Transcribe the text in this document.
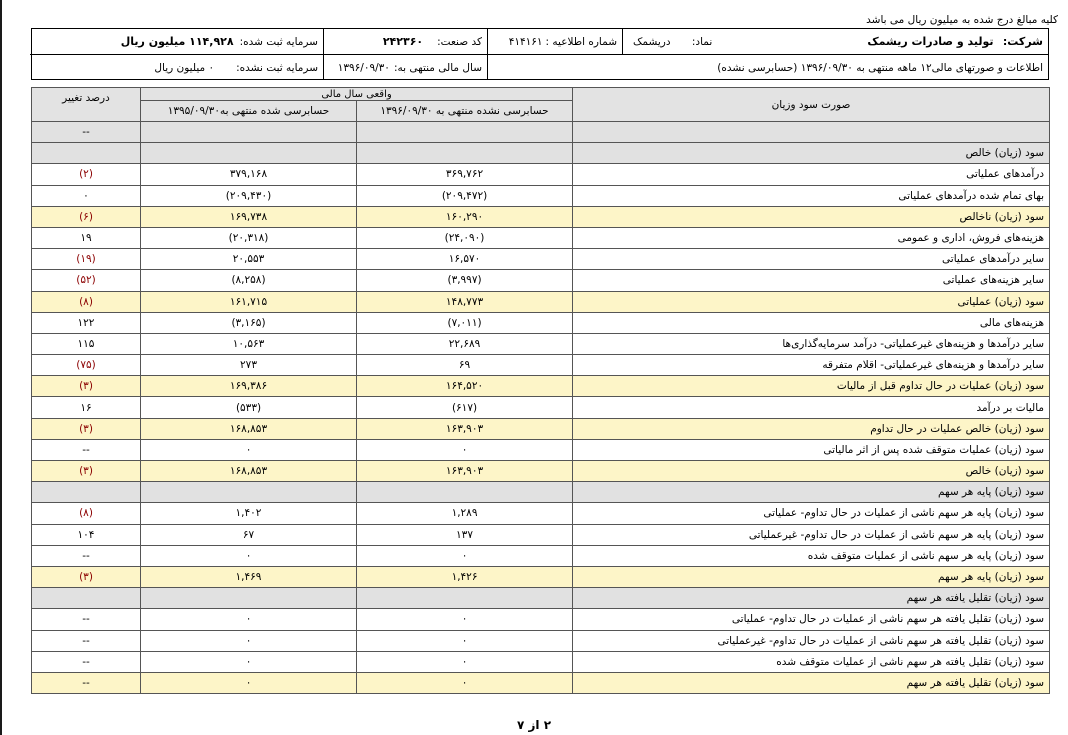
کلیه مبالغ درج شده به میلیون ریال می باشد
شرکت: تولید و صادرات ریشمک
نماد: دریشمک
شماره اطلاعیه :
۴۱۴۱۶۱
کد صنعت:
۲۴۲۳۶۰
سرمایه ثبت شده:
۱۱۴,۹۲۸ میلیون ریال
اطلاعات و صورتهای مالی۱۲ ماهه منتهی به ۱۳۹۶/۰۹/۳۰ (حسابرسی نشده)
سال مالی منتهی به:
۱۳۹۶/۰۹/۳۰
سرمایه ثبت نشده:
۰ میلیون ریال
صورت سود وزیان	واقعی سال مالی		درصد تغییر
	حسابرسی نشده منتهی به ۱۳۹۶/۰۹/۳۰	حسابرسی شده منتهی به۱۳۹۵/۰۹/۳۰	
			--
سود (زیان) خالص			
درآمدهای عملیاتی	۳۶۹,۷۶۲	۳۷۹,۱۶۸	(۲)
بهای تمام شده درآمدهای عملیاتی	(۲۰۹,۴۷۲)	(۲۰۹,۴۳۰)	۰
سود (زیان) ناخالص	۱۶۰,۲۹۰	۱۶۹,۷۳۸	(۶)
هزینه‌های فروش، اداری و عمومی	(۲۴,۰۹۰)	(۲۰,۳۱۸)	۱۹
سایر درآمدهای عملیاتی	۱۶,۵۷۰	۲۰,۵۵۳	(۱۹)
سایر هزینه‌های عملیاتی	(۳,۹۹۷)	(۸,۲۵۸)	(۵۲)
سود (زیان) عملیاتی	۱۴۸,۷۷۳	۱۶۱,۷۱۵	(۸)
هزینه‌های مالی	(۷,۰۱۱)	(۳,۱۶۵)	۱۲۲
سایر درآمدها و هزینه‌های غیرعملیاتی- درآمد سرمایه‌گذاری‌ها	۲۲,۶۸۹	۱۰,۵۶۳	۱۱۵
سایر درآمدها و هزینه‌های غیرعملیاتی- اقلام متفرقه	۶۹	۲۷۳	(۷۵)
سود (زیان) عملیات در حال تداوم قبل از مالیات	۱۶۴,۵۲۰	۱۶۹,۳۸۶	(۳)
مالیات بر درآمد	(۶۱۷)	(۵۳۳)	۱۶
سود (زیان) خالص عملیات در حال تداوم	۱۶۳,۹۰۳	۱۶۸,۸۵۳	(۳)
سود (زیان) عملیات متوقف شده پس از اثر مالیاتی	۰	۰	--
سود (زیان) خالص	۱۶۳,۹۰۳	۱۶۸,۸۵۳	(۳)
سود (زیان) پایه هر سهم			
سود (زیان) پایه هر سهم ناشی از عملیات در حال تداوم- عملیاتی	۱,۲۸۹	۱,۴۰۲	(۸)
سود (زیان) پایه هر سهم ناشی از عملیات در حال تداوم- غیرعملیاتی	۱۳۷	۶۷	۱۰۴
سود (زیان) پایه هر سهم ناشی از عملیات متوقف شده	۰	۰	--
سود (زیان) پایه هر سهم	۱,۴۲۶	۱,۴۶۹	(۳)
سود (زیان) تقلیل یافته هر سهم			
سود (زیان) تقلیل یافته هر سهم ناشی از عملیات در حال تداوم- عملیاتی	۰	۰	--
سود (زیان) تقلیل یافته هر سهم ناشی از عملیات در حال تداوم- غیرعملیاتی	۰	۰	--
سود (زیان) تقلیل یافته هر سهم ناشی از عملیات متوقف شده	۰	۰	--
سود (زیان) تقلیل یافته هر سهم	۰	۰	--
۲ از ۷
